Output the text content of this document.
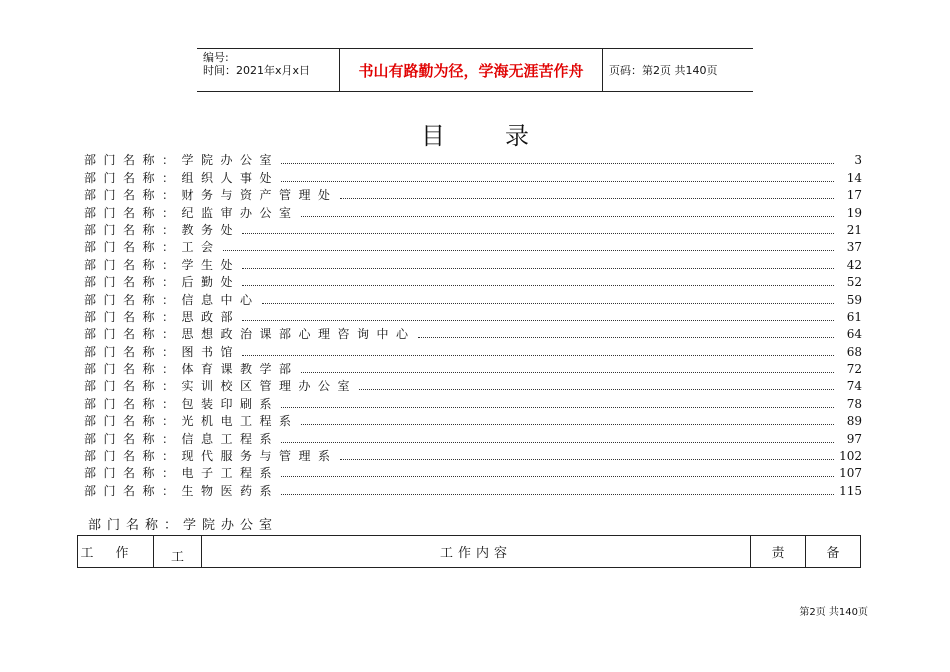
编号:
时间：2021年x月x日	书山有路勤为径，学海无涯苦作舟	页码：第2页 共140页
目录
部门名称：学院办公室	3
部门名称：组织人事处	14
部门名称：财务与资产管理处	17
部门名称：纪监审办公室	19
部门名称：教务处	21
部门名称：工会	37
部门名称：学生处	42
部门名称：后勤处	52
部门名称：信息中心	59
部门名称：思政部	61
部门名称：思想政治课部心理咨询中心	64
部门名称：图书馆	68
部门名称：体育课教学部	72
部门名称：实训校区管理办公室	74
部门名称：包装印刷系	78
部门名称：光机电工程系	89
部门名称：信息工程系	97
部门名称：现代服务与管理系	102
部门名称：电子工程系	107
部门名称：生物医药系	115
部门名称：学院办公室
工作	工	工作内容	责	备
第2页 共140页
